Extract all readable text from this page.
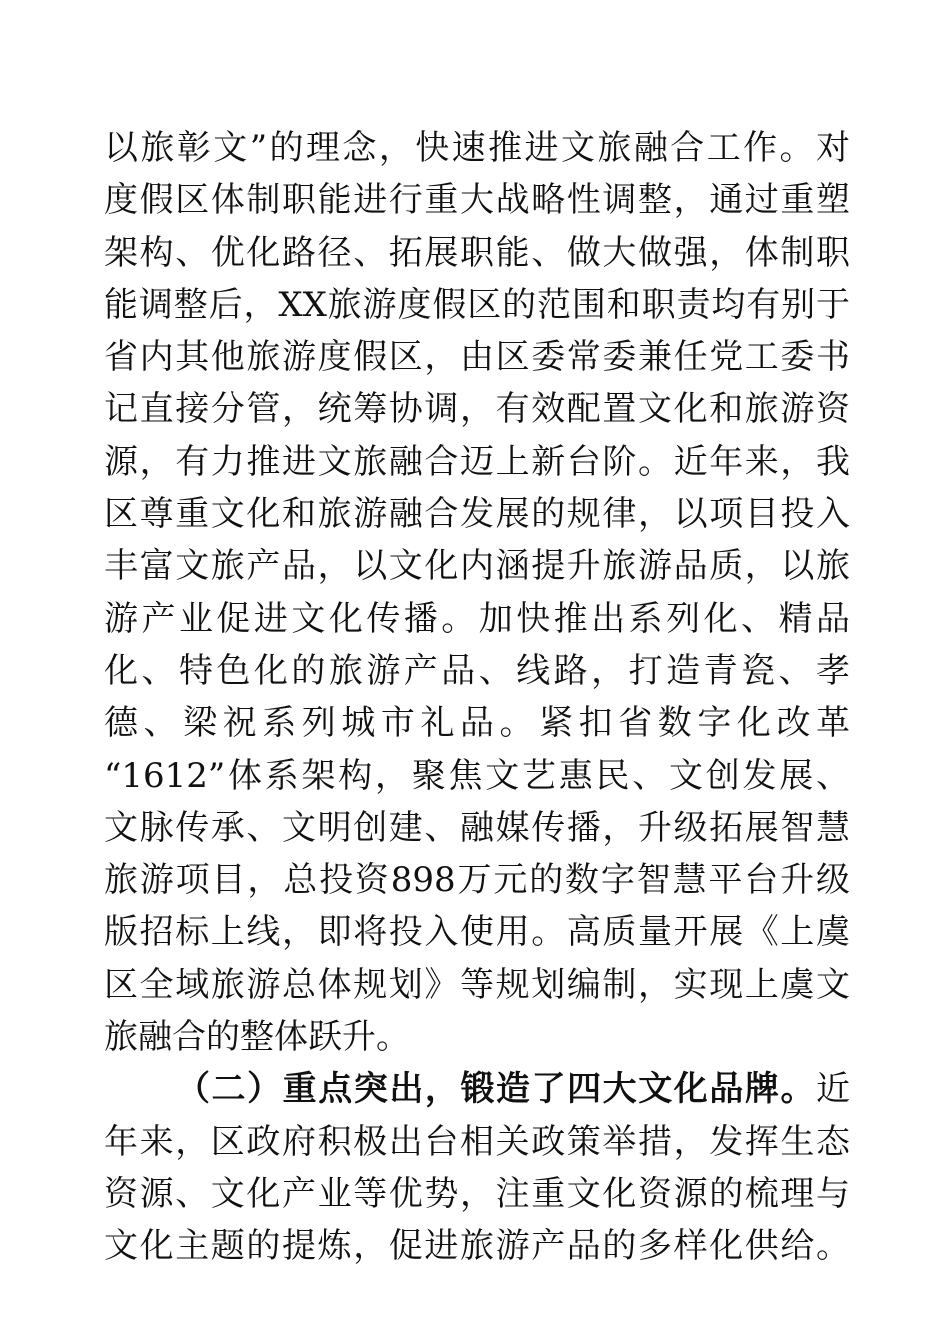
以旅彰文”的理念，快速推进文旅融合工作。对
度假区体制职能进行重大战略性调整，通过重塑
架构、优化路径、拓展职能、做大做强，体制职
能调整后，XX旅游度假区的范围和职责均有别于
省内其他旅游度假区，由区委常委兼任党工委书
记直接分管，统筹协调，有效配置文化和旅游资
源，有力推进文旅融合迈上新台阶。近年来，我
区尊重文化和旅游融合发展的规律，以项目投入
丰富文旅产品，以文化内涵提升旅游品质，以旅
游产业促进文化传播。加快推出系列化、精品
化、特色化的旅游产品、线路，打造青瓷、孝
德、梁祝系列城市礼品。紧扣省数字化改革
“1612”体系架构，聚焦文艺惠民、文创发展、
文脉传承、文明创建、融媒传播，升级拓展智慧
旅游项目，总投资898万元的数字智慧平台升级
版招标上线，即将投入使用。高质量开展《上虞
区全域旅游总体规划》等规划编制，实现上虞文
旅融合的整体跃升。
（二）重点突出，锻造了四大文化品牌。近
年来，区政府积极出台相关政策举措，发挥生态
资源、文化产业等优势，注重文化资源的梳理与
文化主题的提炼，促进旅游产品的多样化供给。
